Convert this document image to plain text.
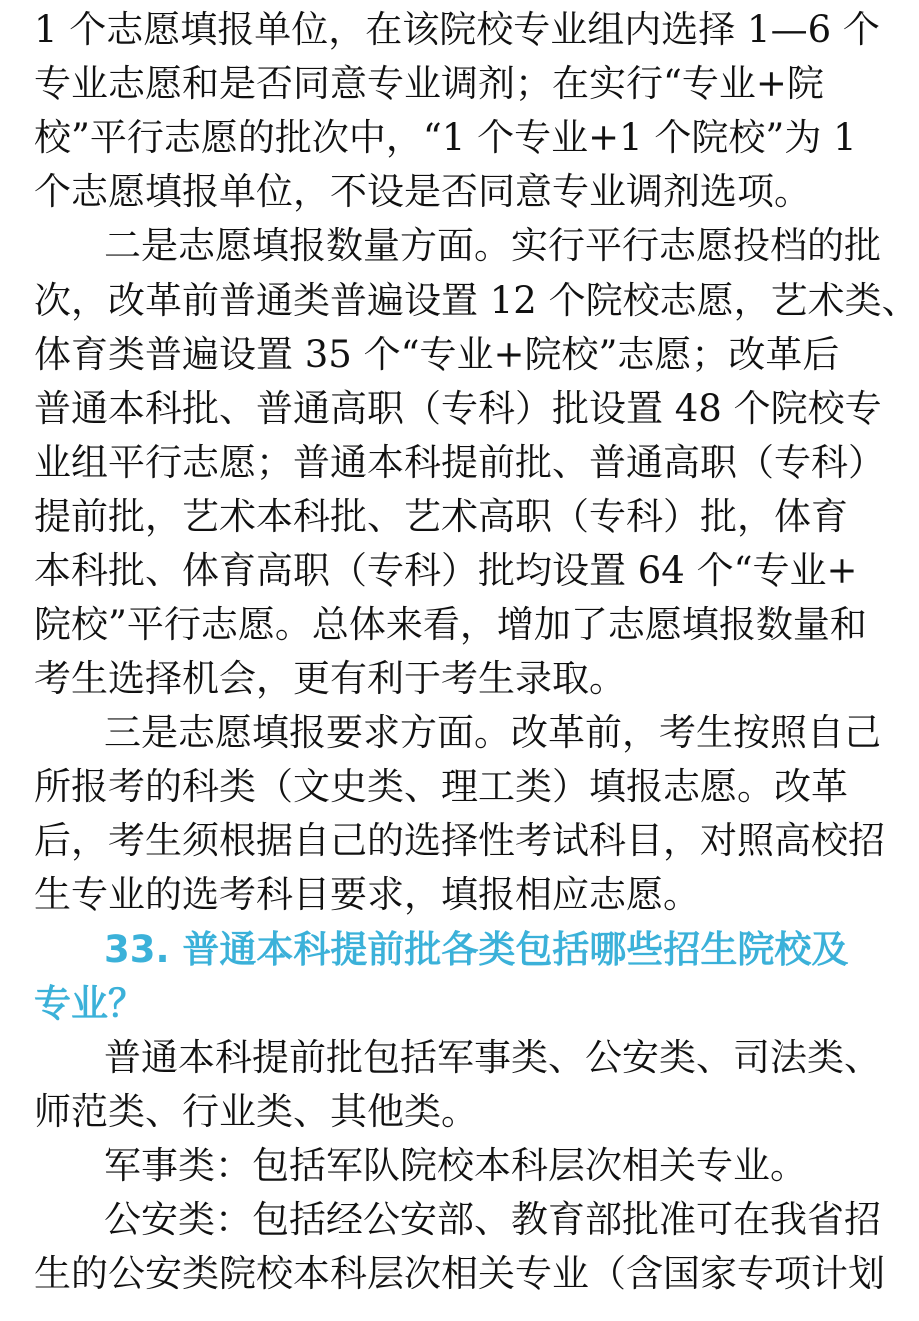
1 个志愿填报单位，在该院校专业组内选择 1—6 个
专业志愿和是否同意专业调剂；在实行“专业+院
校”平行志愿的批次中，“1 个专业+1 个院校”为 1
个志愿填报单位，不设是否同意专业调剂选项。
二是志愿填报数量方面。实行平行志愿投档的批
次，改革前普通类普遍设置 12 个院校志愿，艺术类、
体育类普遍设置 35 个“专业+院校”志愿；改革后
普通本科批、普通高职（专科）批设置 48 个院校专
业组平行志愿；普通本科提前批、普通高职（专科）
提前批，艺术本科批、艺术高职（专科）批，体育
本科批、体育高职（专科）批均设置 64 个“专业+
院校”平行志愿。总体来看，增加了志愿填报数量和
考生选择机会，更有利于考生录取。
三是志愿填报要求方面。改革前，考生按照自己
所报考的科类（文史类、理工类）填报志愿。改革
后，考生须根据自己的选择性考试科目，对照高校招
生专业的选考科目要求，填报相应志愿。
33. 普通本科提前批各类包括哪些招生院校及
专业？
普通本科提前批包括军事类、公安类、司法类、
师范类、行业类、其他类。
军事类：包括军队院校本科层次相关专业。
公安类：包括经公安部、教育部批准可在我省招
生的公安类院校本科层次相关专业（含国家专项计划
